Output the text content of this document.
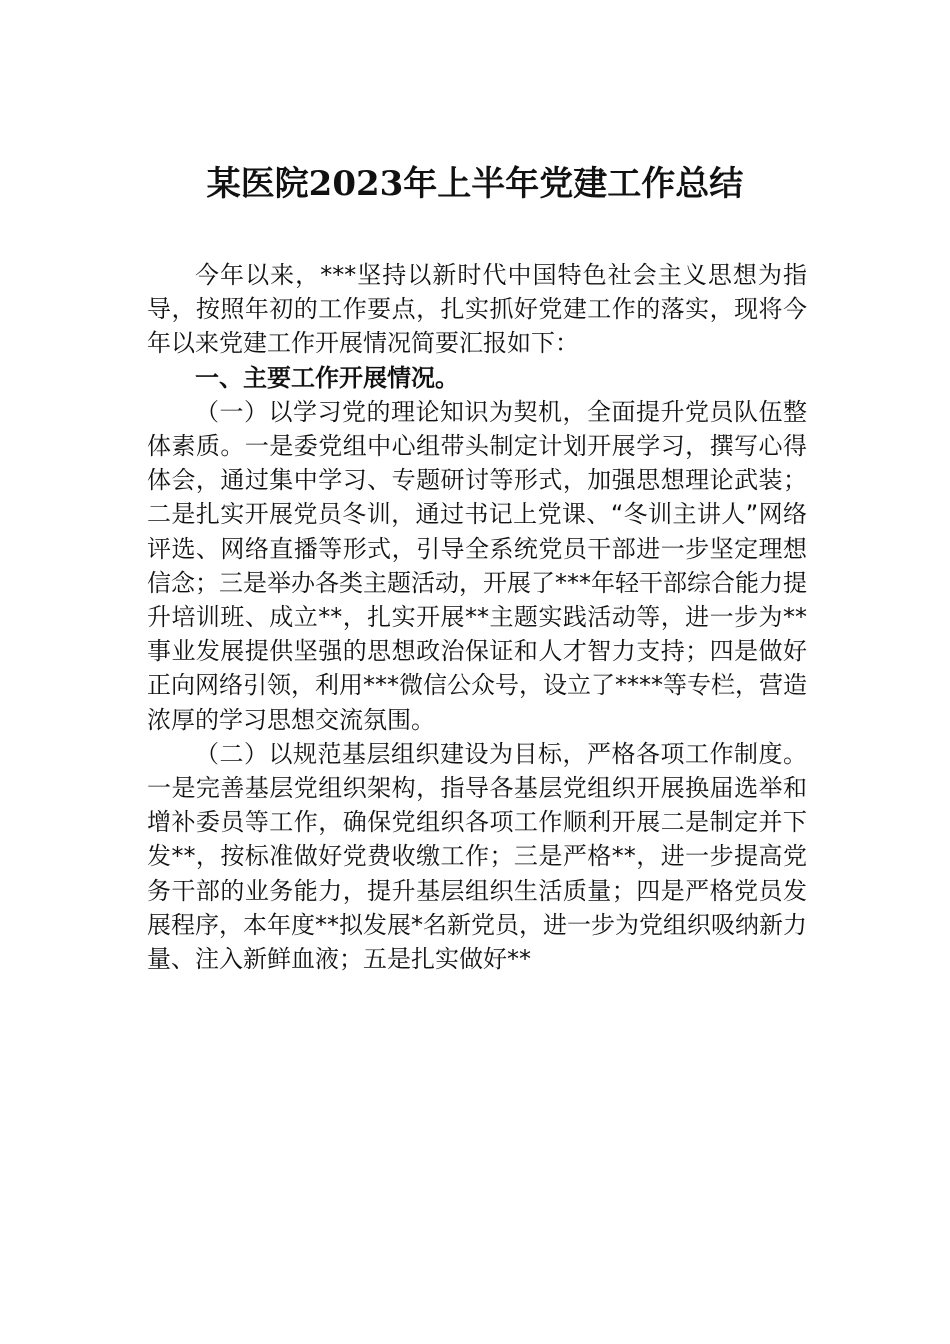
某医院2023年上半年党建工作总结

今年以来，***坚持以新时代中国特色社会主义思想为指导，按照年初的工作要点，扎实抓好党建工作的落实，现将今年以来党建工作开展情况简要汇报如下：

一、主要工作开展情况。

（一）以学习党的理论知识为契机，全面提升党员队伍整体素质。一是委党组中心组带头制定计划开展学习，撰写心得体会，通过集中学习、专题研讨等形式，加强思想理论武装；二是扎实开展党员冬训，通过书记上党课、“冬训主讲人”网络评选、网络直播等形式，引导全系统党员干部进一步坚定理想信念；三是举办各类主题活动，开展了***年轻干部综合能力提升培训班、成立**，扎实开展**主题实践活动等，进一步为**事业发展提供坚强的思想政治保证和人才智力支持；四是做好正向网络引领，利用***微信公众号，设立了****等专栏，营造浓厚的学习思想交流氛围。

（二）以规范基层组织建设为目标，严格各项工作制度。一是完善基层党组织架构，指导各基层党组织开展换届选举和增补委员等工作，确保党组织各项工作顺利开展二是制定并下发**，按标准做好党费收缴工作；三是严格**，进一步提高党务干部的业务能力，提升基层组织生活质量；四是严格党员发展程序，本年度**拟发展*名新党员，进一步为党组织吸纳新力量、注入新鲜血液；五是扎实做好**
